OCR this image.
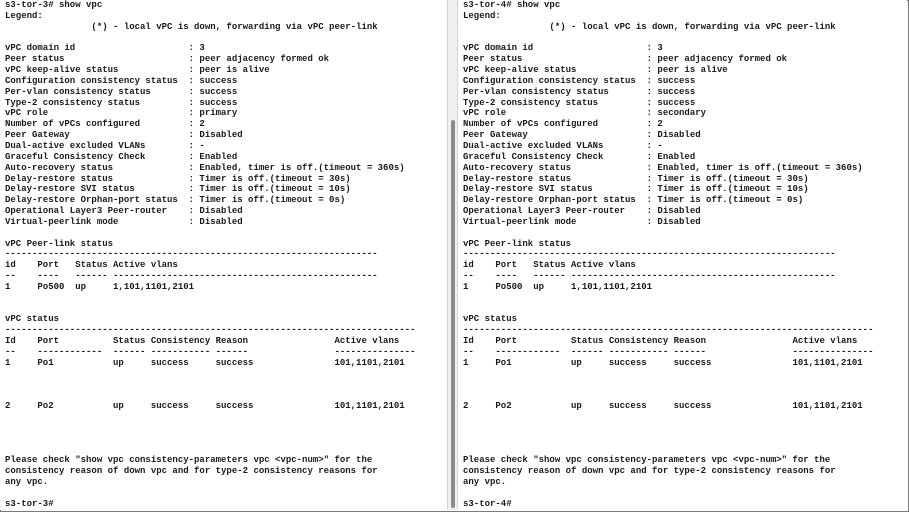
s3-tor-3# show vpc
Legend:
(*) - local vPC is down, forwarding via vPC peer-link
vPC domain id                     : 3
Peer status                       : peer adjacency formed ok
vPC keep-alive status             : peer is alive
Configuration consistency status  : success
Per-vlan consistency status       : success
Type-2 consistency status         : success
vPC role                          : primary
Number of vPCs configured         : 2
Peer Gateway                      : Disabled
Dual-active excluded VLANs        : -
Graceful Consistency Check        : Enabled
Auto-recovery status              : Enabled, timer is off.(timeout = 360s)
Delay-restore status              : Timer is off.(timeout = 30s)
Delay-restore SVI status          : Timer is off.(timeout = 10s)
Delay-restore Orphan-port status  : Timer is off.(timeout = 0s)
Operational Layer3 Peer-router    : Disabled
Virtual-peerlink mode             : Disabled
vPC Peer-link status
---------------------------------------------------------------------
id    Port   Status Active vlans
--    ----   ------ -------------------------------------------------
1     Po500  up     1,101,1101,2101
vPC status
----------------------------------------------------------------------------
Id    Port          Status Consistency Reason                Active vlans
--    ------------  ------ ----------- ------                ---------------
1     Po1           up     success     success               101,1101,2101
2     Po2           up     success     success               101,1101,2101
Please check "show vpc consistency-parameters vpc <vpc-num>" for the
consistency reason of down vpc and for type-2 consistency reasons for
any vpc.
s3-tor-3#
s3-tor-4# show vpc
Legend:
(*) - local vPC is down, forwarding via vPC peer-link
vPC domain id                     : 3
Peer status                       : peer adjacency formed ok
vPC keep-alive status             : peer is alive
Configuration consistency status  : success
Per-vlan consistency status       : success
Type-2 consistency status         : success
vPC role                          : secondary
Number of vPCs configured         : 2
Peer Gateway                      : Disabled
Dual-active excluded VLANs        : -
Graceful Consistency Check        : Enabled
Auto-recovery status              : Enabled, timer is off.(timeout = 360s)
Delay-restore status              : Timer is off.(timeout = 30s)
Delay-restore SVI status          : Timer is off.(timeout = 10s)
Delay-restore Orphan-port status  : Timer is off.(timeout = 0s)
Operational Layer3 Peer-router    : Disabled
Virtual-peerlink mode             : Disabled
vPC Peer-link status
---------------------------------------------------------------------
id    Port   Status Active vlans
--    ----   ------ -------------------------------------------------
1     Po500  up     1,101,1101,2101
vPC status
----------------------------------------------------------------------------
Id    Port          Status Consistency Reason                Active vlans
--    ------------  ------ ----------- ------                ---------------
1     Po1           up     success     success               101,1101,2101
2     Po2           up     success     success               101,1101,2101
Please check "show vpc consistency-parameters vpc <vpc-num>" for the
consistency reason of down vpc and for type-2 consistency reasons for
any vpc.
s3-tor-4#
